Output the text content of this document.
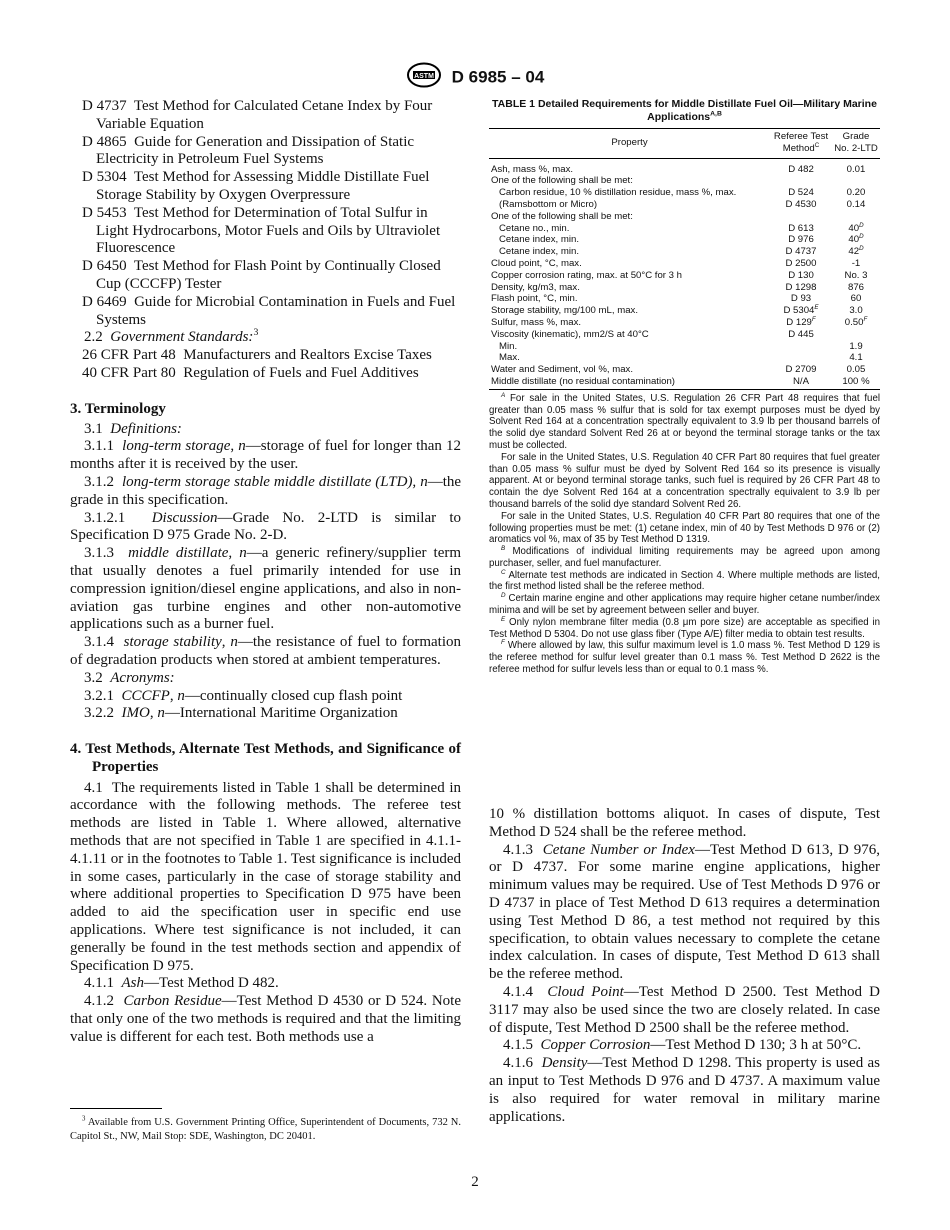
ASTM D 6985 – 04
D 4737 Test Method for Calculated Cetane Index by Four Variable Equation
D 4865 Guide for Generation and Dissipation of Static Electricity in Petroleum Fuel Systems
D 5304 Test Method for Assessing Middle Distillate Fuel Storage Stability by Oxygen Overpressure
D 5453 Test Method for Determination of Total Sulfur in Light Hydrocarbons, Motor Fuels and Oils by Ultraviolet Fluorescence
D 6450 Test Method for Flash Point by Continually Closed Cup (CCCFP) Tester
D 6469 Guide for Microbial Contamination in Fuels and Fuel Systems
2.2 Government Standards:$^3$
26 CFR Part 48 Manufacturers and Realtors Excise Taxes
40 CFR Part 80 Regulation of Fuels and Fuel Additives
3. Terminology
3.1 Definitions:
3.1.1 long-term storage, n—storage of fuel for longer than 12 months after it is received by the user.
3.1.2 long-term storage stable middle distillate (LTD), n—the grade in this specification.
3.1.2.1 Discussion—Grade No. 2-LTD is similar to Specification D 975 Grade No. 2-D.
3.1.3 middle distillate, n—a generic refinery/supplier term that usually denotes a fuel primarily intended for use in compression ignition/diesel engine applications, and also in non-aviation gas turbine engines and other non-automotive applications such as a burner fuel.
3.1.4 storage stability, n—the resistance of fuel to formation of degradation products when stored at ambient temperatures.
3.2 Acronyms:
3.2.1 CCCFP, n—continually closed cup flash point
3.2.2 IMO, n—International Maritime Organization
4. Test Methods, Alternate Test Methods, and Significance of Properties
4.1 The requirements listed in Table 1 shall be determined in accordance with the following methods. The referee test methods are listed in Table 1. Where allowed, alternative methods that are not specified in Table 1 are specified in 4.1.1-4.1.11 or in the footnotes to Table 1. Test significance is included in some cases, particularly in the case of storage stability and where additional properties to Specification D 975 have been added to aid the specification user in specific end use applications. Where test significance is not included, it can generally be found in the test methods section and appendix of Specification D 975.
4.1.1 Ash—Test Method D 482.
4.1.2 Carbon Residue—Test Method D 4530 or D 524. Note that only one of the two methods is required and that the limiting value is different for each test. Both methods use a
TABLE 1 Detailed Requirements for Middle Distillate Fuel Oil—Military Marine Applications$^{A,B}$
Property	Referee Test Method$^C$	Grade No. 2-LTD
Ash, mass %, max.	D 482	0.01
One of the following shall be met:		
Carbon residue, 10 % distillation residue, mass %, max.	D 524	0.20
(Ramsbottom or Micro)	D 4530	0.14
One of the following shall be met:		
Cetane no., min.	D 613	$40^D$
Cetane index, min.	D 976	$40^D$
Cetane index, min.	D 4737	$42^D$
Cloud point, °C, max.	D 2500	-1
Copper corrosion rating, max. at 50°C for 3 h	D 130	No. 3
Density, kg/m3, max.	D 1298	876
Flash point, °C, min.	D 93	60
Storage stability, mg/100 mL, max.	D $5304^E$	3.0
Sulfur, mass %, max.	D $129^F$	$0.50^F$
Viscosity (kinematic), mm2/S at 40°C	D 445	
Min.		1.9
Max.		4.1
Water and Sediment, vol %, max.	D 2709	0.05
Middle distillate (no residual contamination)	N/A	100 %

$^A$ For sale in the United States, U.S. Regulation 26 CFR Part 48 requires that fuel greater than 0.05 mass % sulfur that is sold for tax exempt purposes must be dyed by Solvent Red 164 at a concentration spectrally equivalent to 3.9 lb per thousand barrels of the solid dye standard Solvent Red 26 at or beyond the terminal storage tanks or the tax must be collected.

For sale in the United States, U.S. Regulation 40 CFR Part 80 requires that fuel greater than 0.05 mass % sulfur must be dyed by Solvent Red 164 so its presence is visually apparent. At or beyond terminal storage tanks, such fuel is required by 26 CFR Part 48 to contain the dye Solvent Red 164 at a concentration spectrally equivalent to 3.9 lb per thousand barrels of the solid dye standard Solvent Red 26.

For sale in the United States, U.S. Regulation 40 CFR Part 80 requires that one of the following properties must be met: (1) cetane index, min of 40 by Test Methods D 976 or (2) aromatics vol %, max of 35 by Test Method D 1319.

$^B$ Modifications of individual limiting requirements may be agreed upon among purchaser, seller, and fuel manufacturer.

$^C$ Alternate test methods are indicated in Section 4. Where multiple methods are listed, the first method listed shall be the referee method.

$^D$ Certain marine engine and other applications may require higher cetane number/index minima and will be set by agreement between seller and buyer.

$^E$ Only nylon membrane filter media (0.8 μm pore size) are acceptable as specified in Test Method D 5304. Do not use glass fiber (Type A/E) filter media to obtain test results.

$^F$ Where allowed by law, this sulfur maximum level is 1.0 mass %. Test Method D 129 is the referee method for sulfur level greater than 0.1 mass %. Test Method D 2622 is the referee method for sulfur levels less than or equal to 0.1 mass %.

10 % distillation bottoms aliquot. In cases of dispute, Test Method D 524 shall be the referee method.
4.1.3 Cetane Number or Index—Test Method D 613, D 976, or D 4737. For some marine engine applications, higher minimum values may be required. Use of Test Methods D 976 or D 4737 in place of Test Method D 613 requires a determination using Test Method D 86, a test method not required by this specification, to obtain values necessary to complete the cetane index calculation. In cases of dispute, Test Method D 613 shall be the referee method.
4.1.4 Cloud Point—Test Method D 2500. Test Method D 3117 may also be used since the two are closely related. In case of dispute, Test Method D 2500 shall be the referee method.
4.1.5 Copper Corrosion—Test Method D 130; 3 h at 50°C.
4.1.6 Density—Test Method D 1298. This property is used as an input to Test Methods D 976 and D 4737. A maximum value is also required for water removal in military marine applications.
$^3$ Available from U.S. Government Printing Office, Superintendent of Documents, 732 N. Capitol St., NW, Mail Stop: SDE, Washington, DC 20401.
2
